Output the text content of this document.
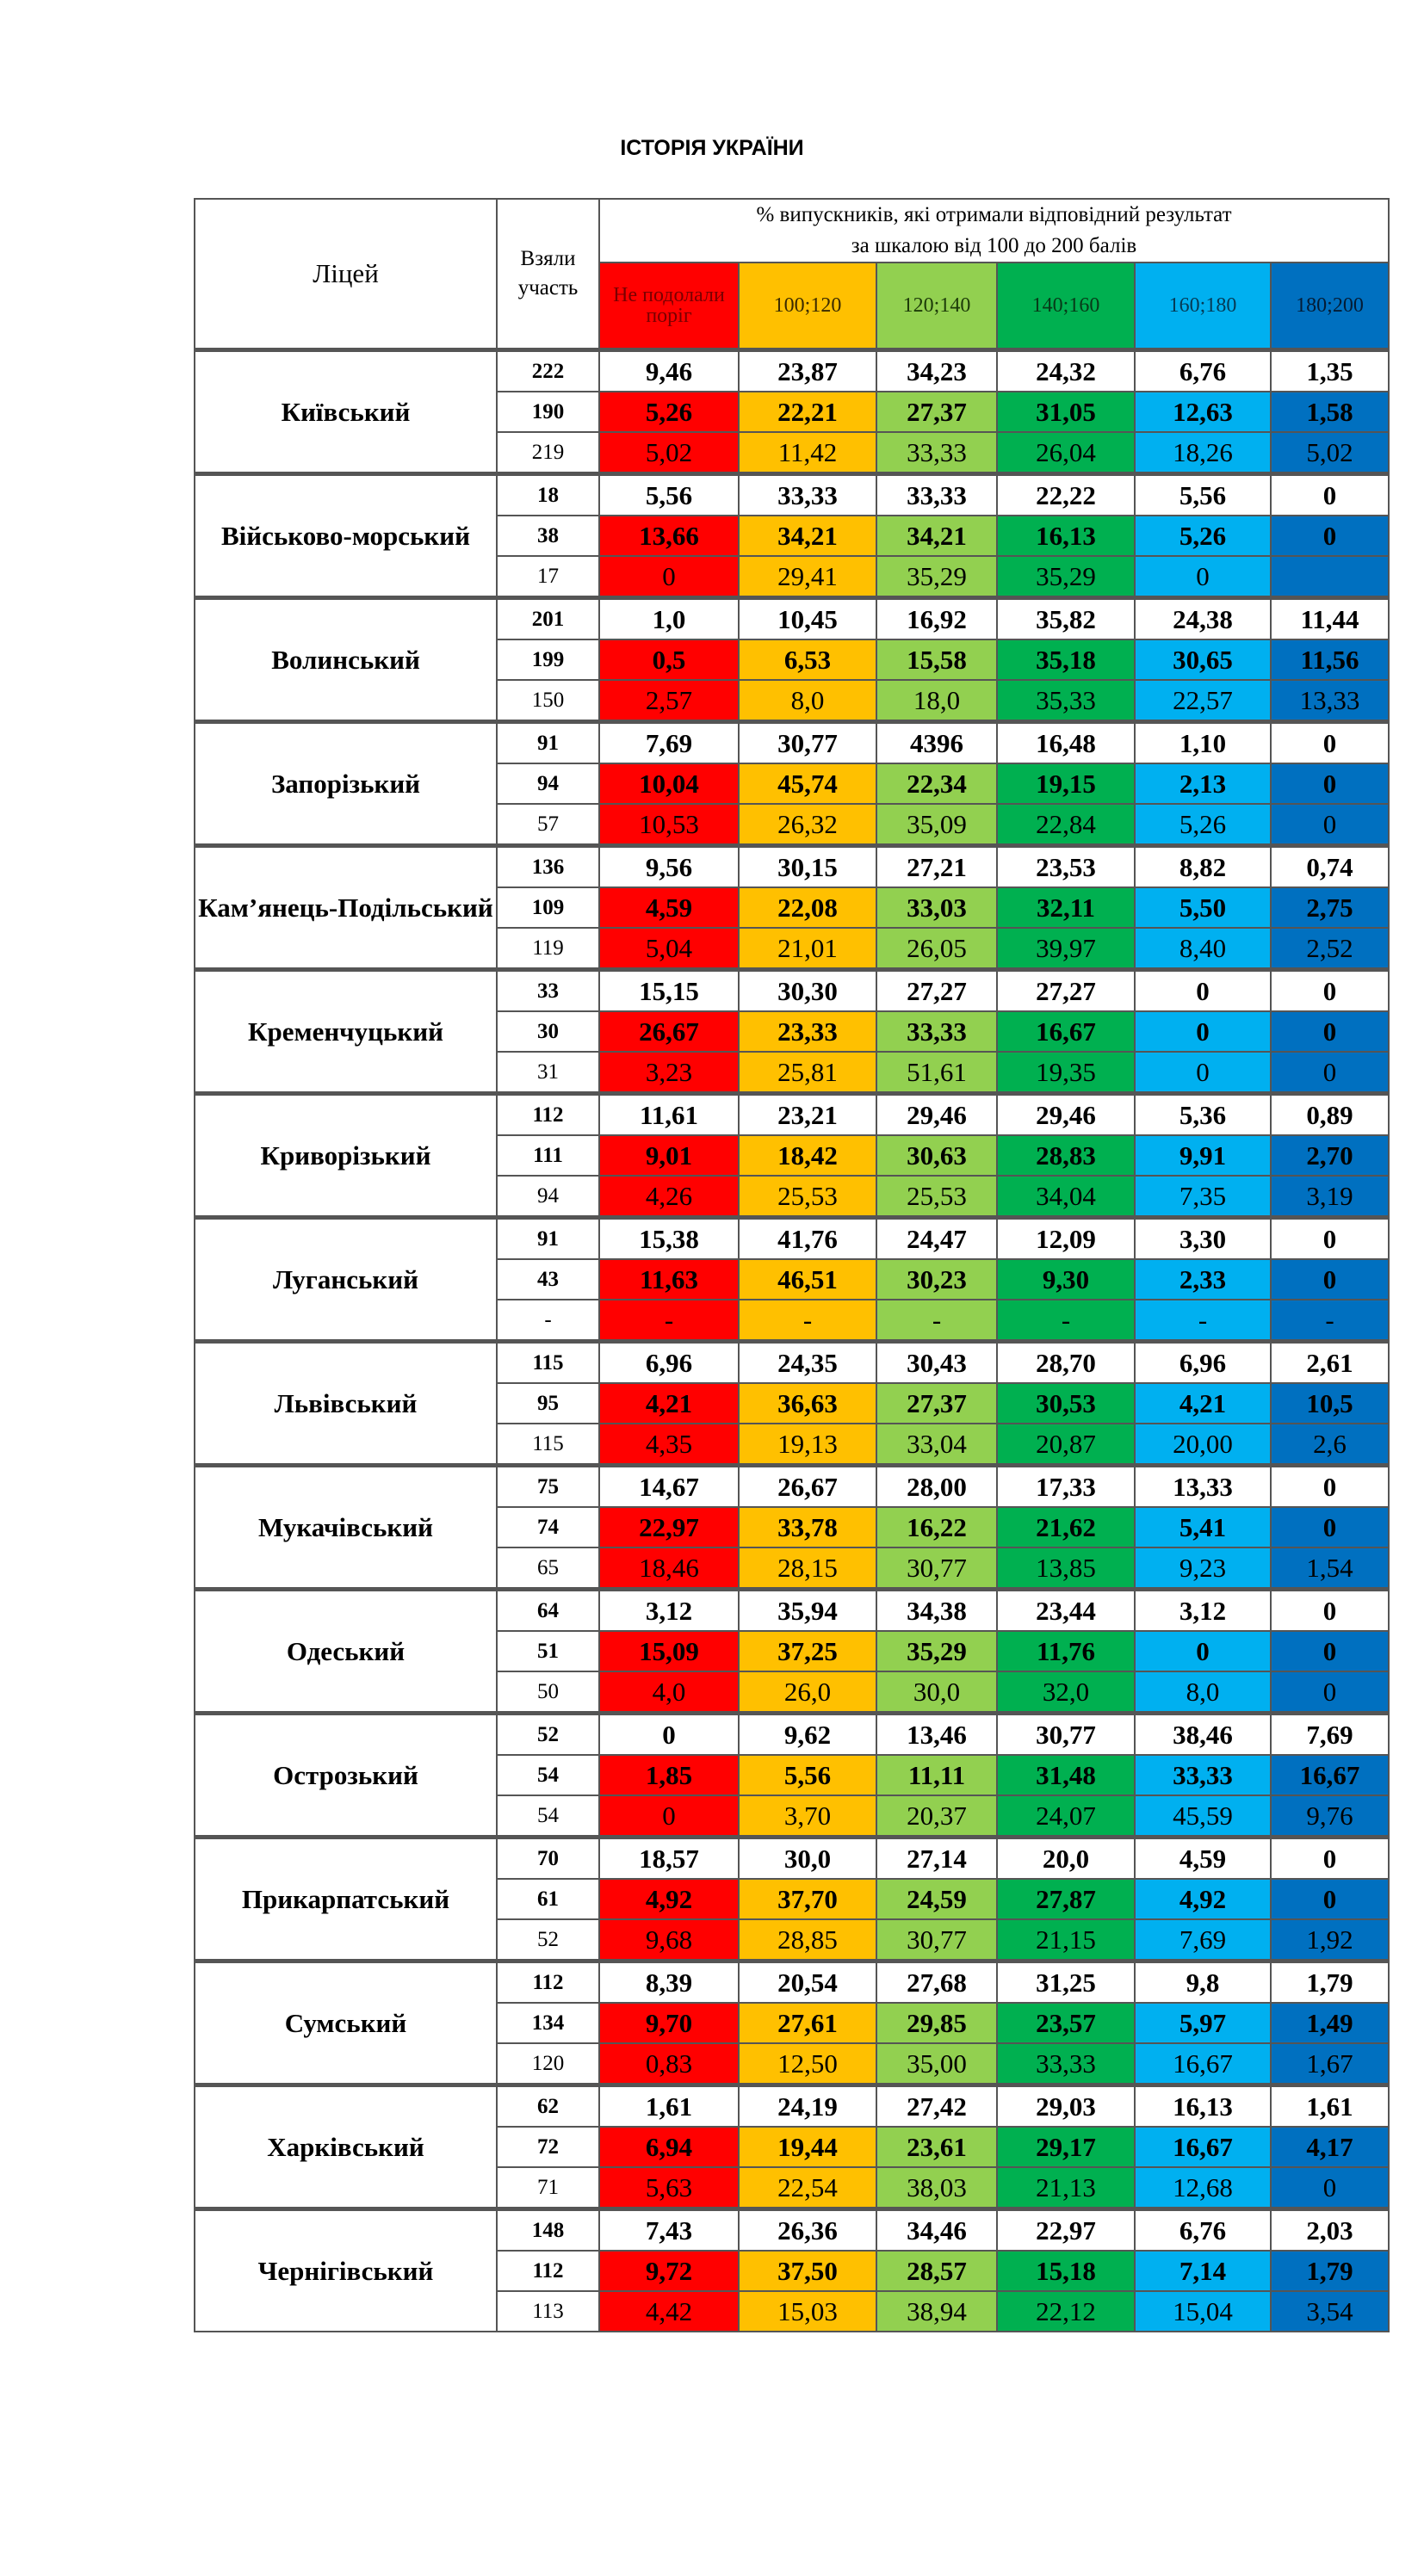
ІСТОРІЯ УКРАЇНИ
Ліцей	Взяли участь	% випускників, які отримали відповідний результат
за шкалою від 100 до 200 балів					

		Не подолали поріг	100;120	120;140	140;160	160;180	180;200
Київський	222	9,46	23,87	34,23	24,32	6,76	1,35
	190	5,26	22,21	27,37	31,05	12,63	1,58
	219	5,02	11,42	33,33	26,04	18,26	5,02
Військово-морський	18	5,56	33,33	33,33	22,22	5,56	0
	38	13,66	34,21	34,21	16,13	5,26	0
	17	0	29,41	35,29	35,29	0	
Волинський	201	1,0	10,45	16,92	35,82	24,38	11,44
	199	0,5	6,53	15,58	35,18	30,65	11,56
	150	2,57	8,0	18,0	35,33	22,57	13,33
Запорізький	91	7,69	30,77	4396	16,48	1,10	0
	94	10,04	45,74	22,34	19,15	2,13	0
	57	10,53	26,32	35,09	22,84	5,26	0
Кам’янець-Подільський	136	9,56	30,15	27,21	23,53	8,82	0,74
	109	4,59	22,08	33,03	32,11	5,50	2,75
	119	5,04	21,01	26,05	39,97	8,40	2,52
Кременчуцький	33	15,15	30,30	27,27	27,27	0	0
	30	26,67	23,33	33,33	16,67	0	0
	31	3,23	25,81	51,61	19,35	0	0
Криворізький	112	11,61	23,21	29,46	29,46	5,36	0,89
	111	9,01	18,42	30,63	28,83	9,91	2,70
	94	4,26	25,53	25,53	34,04	7,35	3,19
Луганський	91	15,38	41,76	24,47	12,09	3,30	0
	43	11,63	46,51	30,23	9,30	2,33	0
	-	-	-	-	-	-	-
Львівський	115	6,96	24,35	30,43	28,70	6,96	2,61
	95	4,21	36,63	27,37	30,53	4,21	10,5
	115	4,35	19,13	33,04	20,87	20,00	2,6
Мукачівський	75	14,67	26,67	28,00	17,33	13,33	0
	74	22,97	33,78	16,22	21,62	5,41	0
	65	18,46	28,15	30,77	13,85	9,23	1,54
Одеський	64	3,12	35,94	34,38	23,44	3,12	0
	51	15,09	37,25	35,29	11,76	0	0
	50	4,0	26,0	30,0	32,0	8,0	0
Острозький	52	0	9,62	13,46	30,77	38,46	7,69
	54	1,85	5,56	11,11	31,48	33,33	16,67
	54	0	3,70	20,37	24,07	45,59	9,76
Прикарпатський	70	18,57	30,0	27,14	20,0	4,59	0
	61	4,92	37,70	24,59	27,87	4,92	0
	52	9,68	28,85	30,77	21,15	7,69	1,92
Сумський	112	8,39	20,54	27,68	31,25	9,8	1,79
	134	9,70	27,61	29,85	23,57	5,97	1,49
	120	0,83	12,50	35,00	33,33	16,67	1,67
Харківський	62	1,61	24,19	27,42	29,03	16,13	1,61
	72	6,94	19,44	23,61	29,17	16,67	4,17
	71	5,63	22,54	38,03	21,13	12,68	0
Чернігівський	148	7,43	26,36	34,46	22,97	6,76	2,03
	112	9,72	37,50	28,57	15,18	7,14	1,79
	113	4,42	15,03	38,94	22,12	15,04	3,54
